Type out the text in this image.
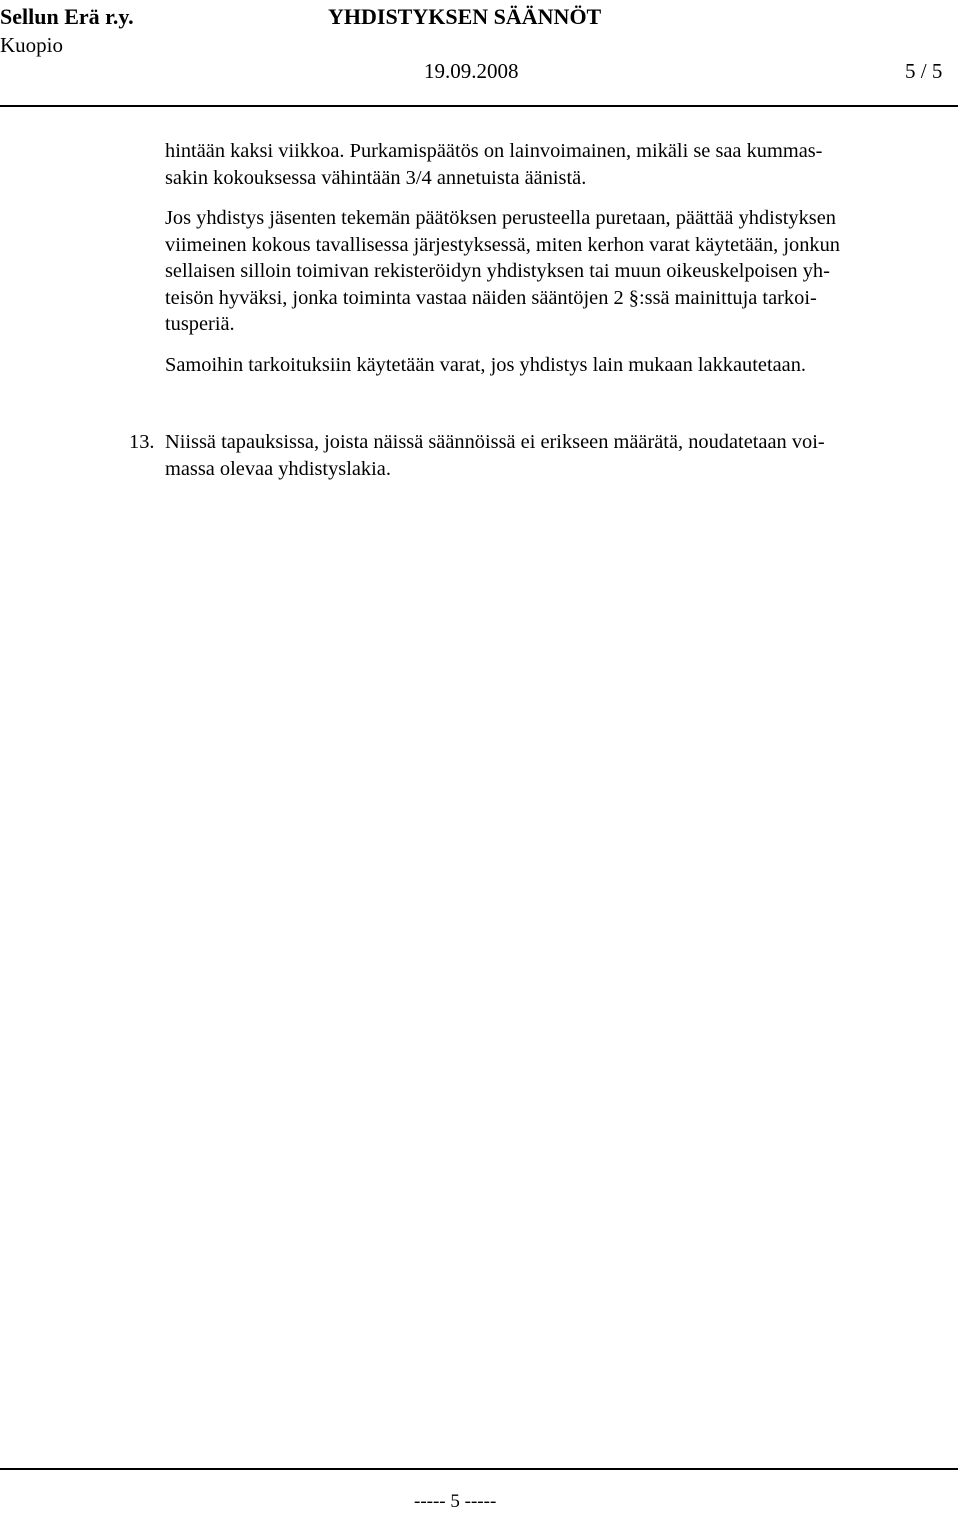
Sellun Erä r.y.
Kuopio
YHDISTYKSEN SÄÄNNÖT
19.09.2008	5 / 5
hintään kaksi viikkoa. Purkamispäätös on lainvoimainen, mikäli se saa kummas-
sakin kokouksessa vähintään 3/4 annetuista äänistä.
Jos yhdistys jäsenten tekemän päätöksen perusteella puretaan, päättää yhdistyksen
viimeinen kokous tavallisessa järjestyksessä, miten kerhon varat käytetään, jonkun
sellaisen silloin toimivan rekisteröidyn yhdistyksen tai muun oikeuskelpoisen yh-
teisön hyväksi, jonka toiminta vastaa näiden sääntöjen 2 §:ssä mainittuja tarkoi-
tusperiä.
Samoihin tarkoituksiin käytetään varat, jos yhdistys lain mukaan lakkautetaan.
13. Niissä tapauksissa, joista näissä säännöissä ei erikseen määrätä, noudatetaan voi-
massa olevaa yhdistyslakia.
----- 5 -----
